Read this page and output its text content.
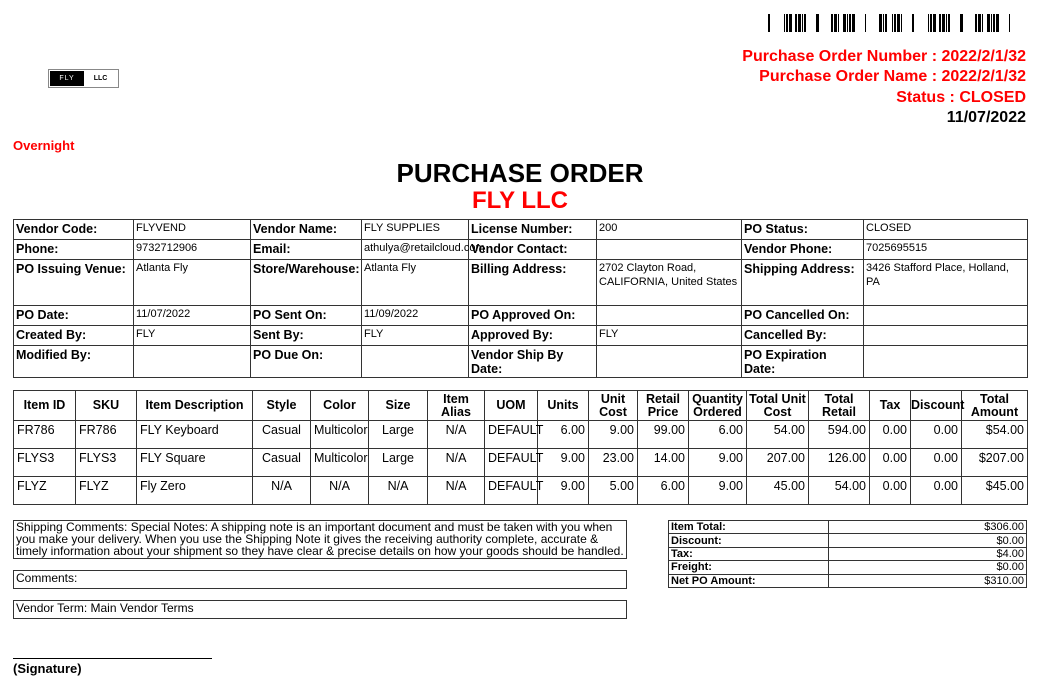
Purchase Order Number : 2022/2/1/32
Purchase Order Name : 2022/2/1/32
Status : CLOSED
11/07/2022
FLY	LLC
Overnight
PURCHASE ORDER
FLY LLC
Vendor Code:	FLYVEND	Vendor Name:	FLY SUPPLIES	License Number:	200	PO Status:	CLOSED
Phone:	9732712906	Email:	athulya@retailcloud.com	Vendor Contact:		Vendor Phone:	7025695515
PO Issuing Venue:	Atlanta Fly	Store/Warehouse:	Atlanta Fly	Billing Address:	2702 Clayton Road, CALIFORNIA, United States	Shipping Address:	3426 Stafford Place, Holland, PA
PO Date:	11/07/2022	PO Sent On:	11/09/2022	PO Approved On:		PO Cancelled On:	
Created By:	FLY	Sent By:	FLY	Approved By:	FLY	Cancelled By:	
Modified By:		PO Due On:		Vendor Ship By Date:		PO Expiration Date:	
Item ID	SKU	Item Description	Style	Color	Size	Item Alias	UOM	Units	Unit Cost	Retail Price	Quantity Ordered	Total Unit Cost	Total Retail	Tax	Discount	Total Amount
FR786	FR786	FLY Keyboard	Casual	Multicolor	Large	N/A	DEFAULT	6.00	9.00	99.00	6.00	54.00	594.00	0.00	0.00	$54.00
FLYS3	FLYS3	FLY Square	Casual	Multicolor	Large	N/A	DEFAULT	9.00	23.00	14.00	9.00	207.00	126.00	0.00	0.00	$207.00
FLYZ	FLYZ	Fly Zero	N/A	N/A	N/A	N/A	DEFAULT	9.00	5.00	6.00	9.00	45.00	54.00	0.00	0.00	$45.00
Shipping Comments: Special Notes: A shipping note is an important document and must be taken with you when you make your delivery. When you use the Shipping Note it gives the receiving authority complete, accurate & timely information about your shipment so they have clear & precise details on how your goods should be handled.
Comments:
Vendor Term: Main Vendor Terms
Item Total:	$306.00
Discount:	$0.00
Tax:	$4.00
Freight:	$0.00
Net PO Amount:	$310.00
(Signature)
